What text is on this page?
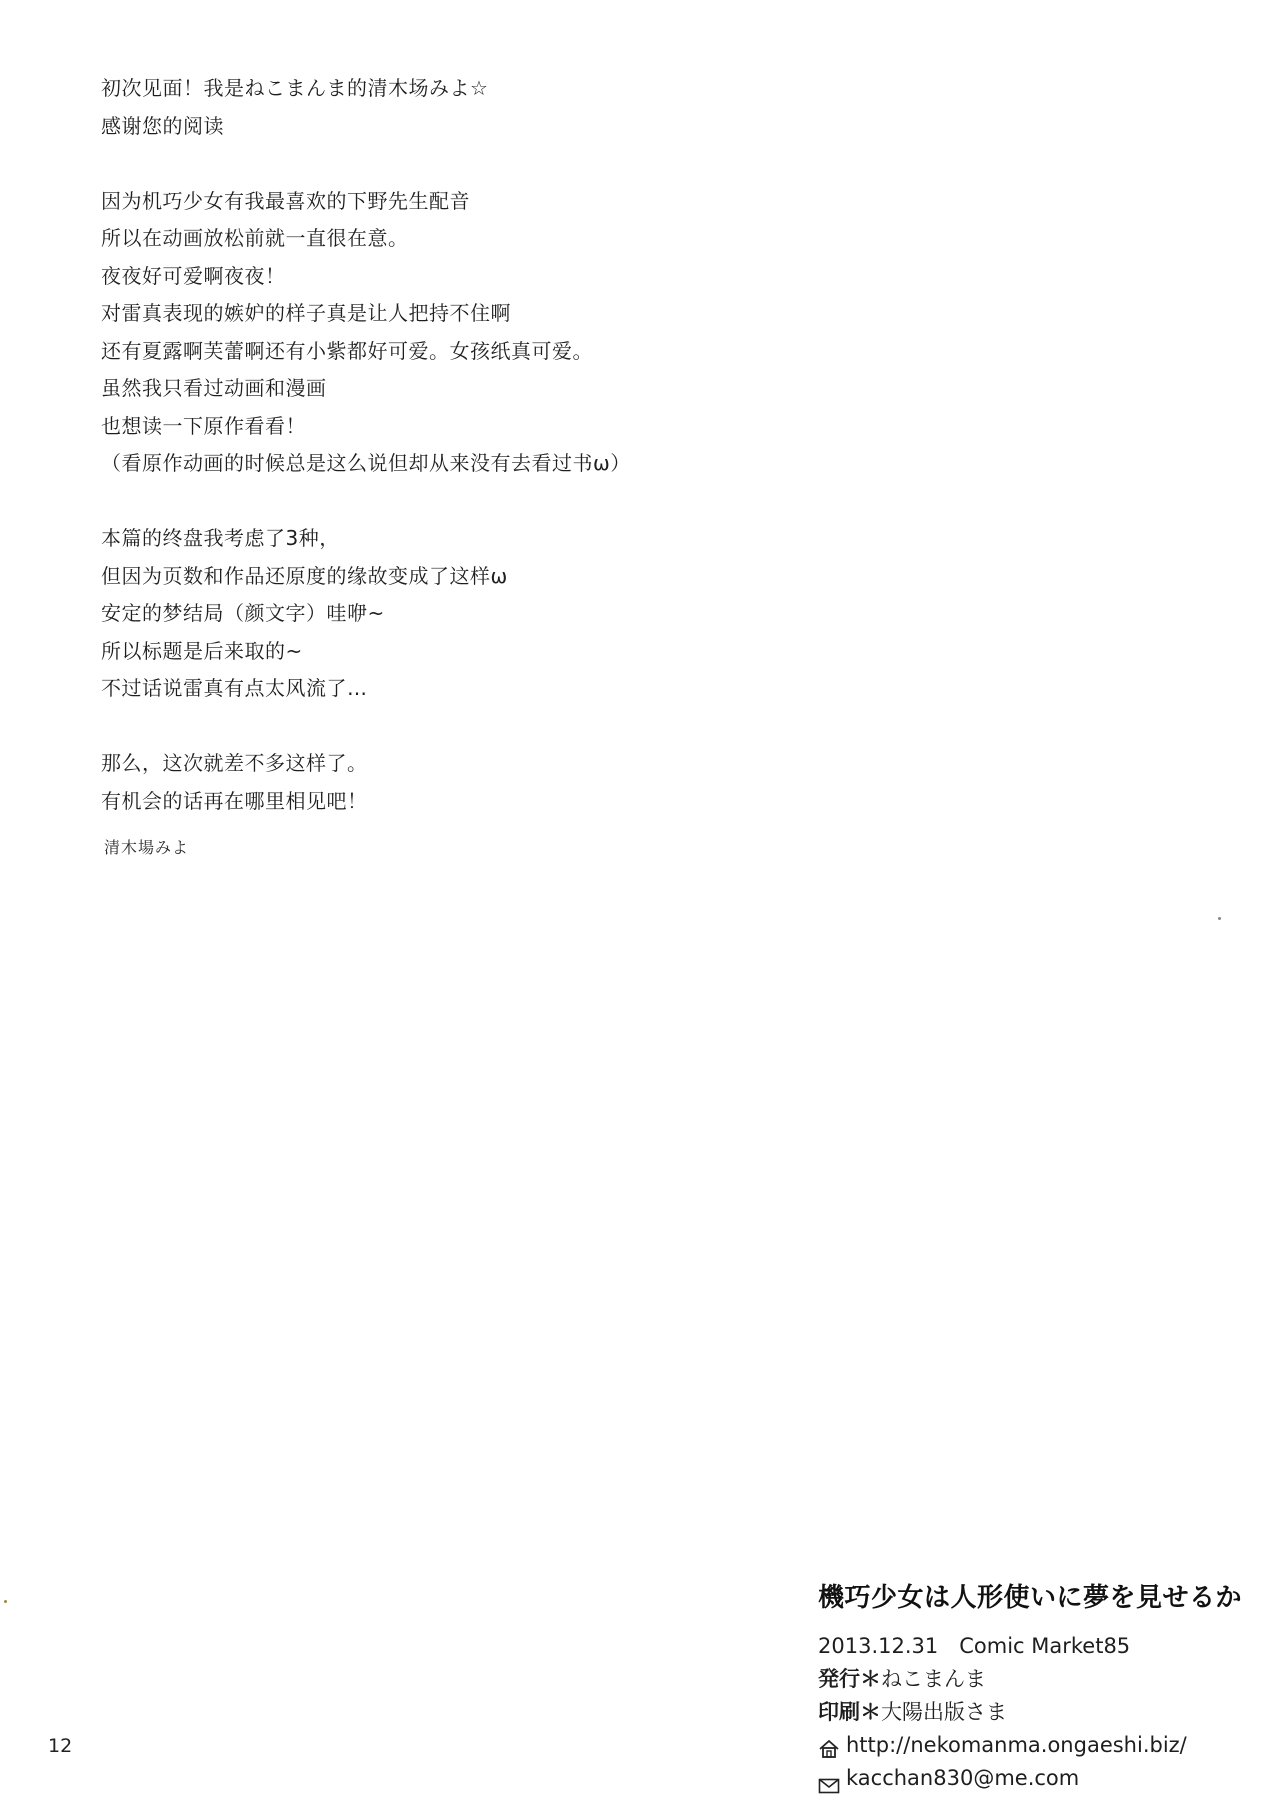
初次见面！我是ねこまんま的清木场みよ☆
感谢您的阅读
因为机巧少女有我最喜欢的下野先生配音
所以在动画放松前就一直很在意。
夜夜好可爱啊夜夜！
对雷真表现的嫉妒的样子真是让人把持不住啊
还有夏露啊芙蕾啊还有小紫都好可爱。女孩纸真可爱。
虽然我只看过动画和漫画
也想读一下原作看看！
（看原作动画的时候总是这么说但却从来没有去看过书ω）
本篇的终盘我考虑了3种，
但因为页数和作品还原度的缘故变成了这样ω
安定的梦结局（颜文字）哇咿~
所以标题是后来取的~
不过话说雷真有点太风流了…
那么，这次就差不多这样了。
有机会的话再在哪里相见吧！
清木場みよ
機巧少女は人形使いに夢を見せるか
2013.12.31　Comic Market85
発行＊ねこまんま
印刷＊大陽出版さま
http://nekomanma.ongaeshi.biz/
kacchan830@me.com
12
